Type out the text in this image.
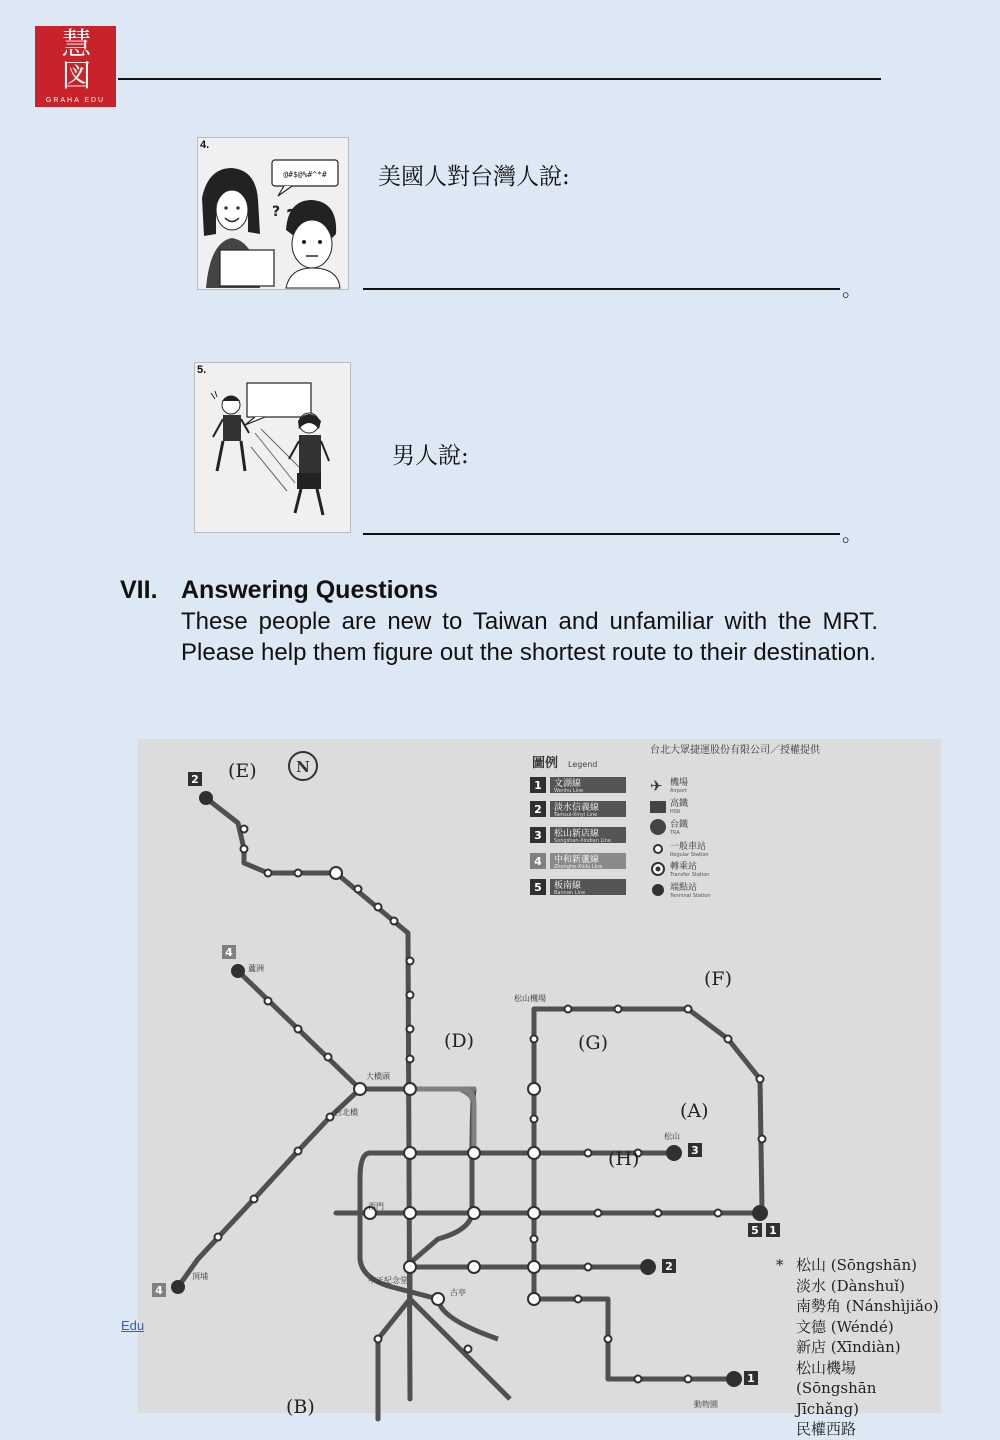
慧
図
GRAHA EDU
4.
@#$@%#^*#
?
?
美國人對台灣人說:
。
5.
男人說:
。
VII. Answering Questions
These people are new to Taiwan and unfamiliar with the MRT. Please help them figure out the shortest route to their destination.
(E)
(D)	(G)
(F)
(A)
(H)
(B)
蘆洲
大橋頭
台北橋
西門
松山
中正紀念堂
古亭
松山機場
動物園
頂埔
2
4
4
3
2
5 1
1
N
台北大眾捷運股份有限公司／授權提供
圖例 Legend
1 文湖線
Wenhu Line
2 淡水信義線
Tamsui-Xinyi Line
3 松山新店線
Songshan-Xindian Line
4 中和新蘆線
Zhonghe-Xinlu Line
5 板南線
Bannan Line
✈ 機場
Airport
高鐵
HSR
台鐵
TRA
一般車站
Regular Station
轉乘站
Transfer Station
端點站
Terminal Station
* 松山 (Sōngshān)
淡水 (Dànshuǐ)
南勢角 (Nánshìjiǎo)
文德 (Wéndé)
新店 (Xīndiàn)
松山機場
(Sōngshān Jīchǎng)
民權西路
Edu
